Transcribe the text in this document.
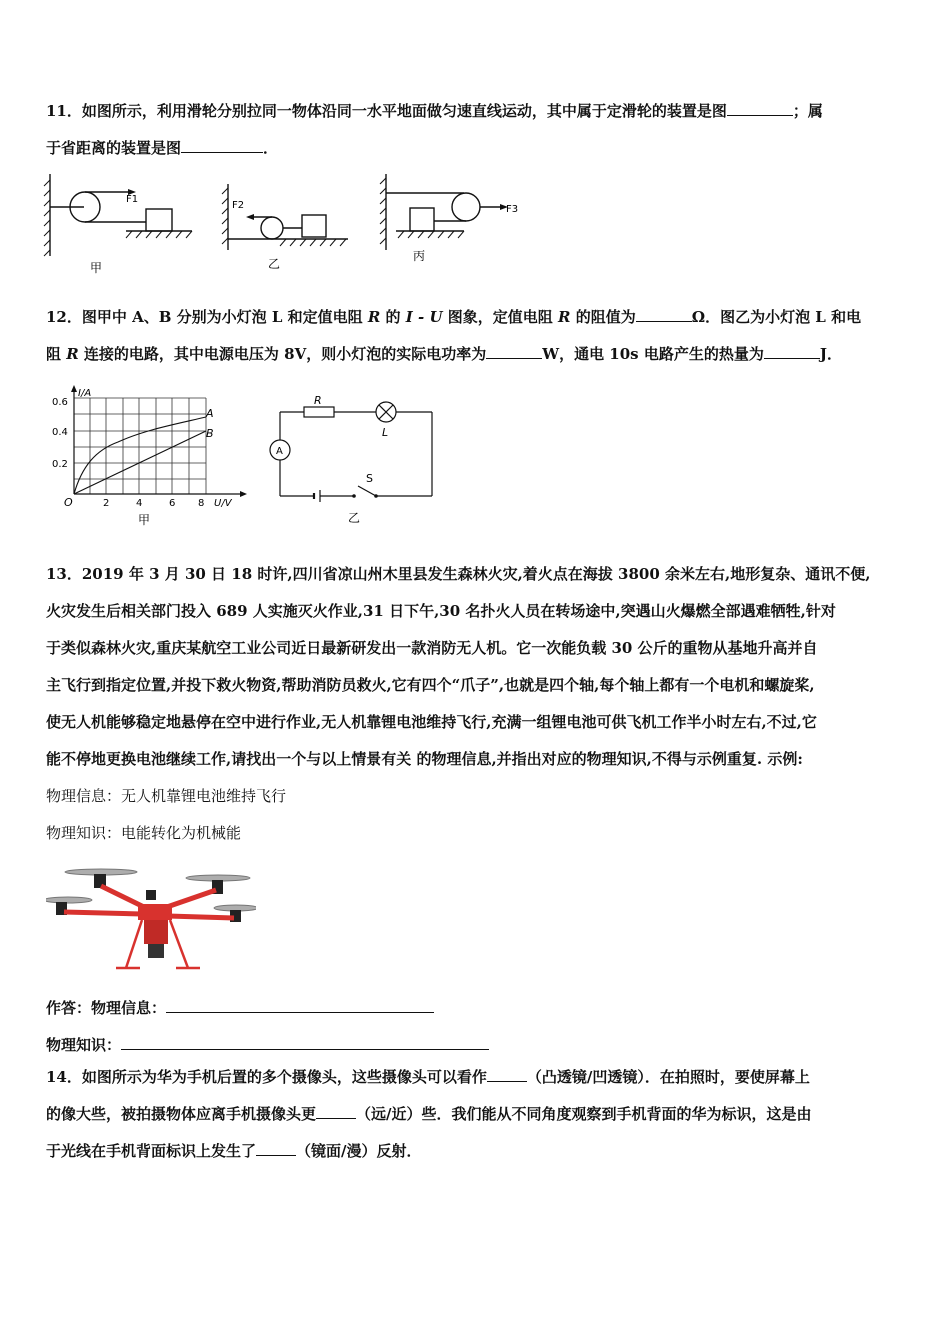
11．如图所示，利用滑轮分别拉同一物体沿同一水平地面做匀速直线运动，其中属于定滑轮的装置是图	；属
于省距离的装置是图	．
F1
甲
F2
乙
F3
丙
12．图甲中 A、B 分别为小灯泡 L 和定值电阻 R 的 I - U 图象，定值电阻 R 的阻值为	Ω．图乙为小灯泡 L 和电
阻 R 连接的电路，其中电源电压为 8V，则小灯泡的实际电功率为	W，通电 10s 电路产生的热量为	J．
A
B
I/A
0.6
0.4
0.2
O	2	4	6 8 U/V
甲
R
L
A
S
乙
13．2019 年 3 月 30 日 18 时许,四川省凉山州木里县发生森林火灾,着火点在海拔 3800 余米左右,地形复杂、通讯不便,
火灾发生后相关部门投入 689 人实施灭火作业,31 日下午,30 名扑火人员在转场途中,突遇山火爆燃全部遇难牺牲,针对
于类似森林火灾,重庆某航空工业公司近日最新研发出一款消防无人机。它一次能负载 30 公斤的重物从基地升高并自
主飞行到指定位置,并投下救火物资,帮助消防员救火,它有四个“爪子”,也就是四个轴,每个轴上都有一个电机和螺旋桨,
使无人机能够稳定地悬停在空中进行作业,无人机靠锂电池维持飞行,充满一组锂电池可供飞机工作半小时左右,不过,它
能不停地更换电池继续工作,请找出一个与以上情景有关 的物理信息,并指出对应的物理知识,不得与示例重复. 示例:
物理信息：无人机靠锂电池维持飞行
物理知识：电能转化为机械能
作答：物理信息：
物理知识：
14．如图所示为华为手机后置的多个摄像头，这些摄像头可以看作	（凸透镜/凹透镜）．在拍照时，要使屏幕上
的像大些，被拍摄物体应离手机摄像头更	（远/近）些．我们能从不同角度观察到手机背面的华为标识，这是由
于光线在手机背面标识上发生了	（镜面/漫）反射．
